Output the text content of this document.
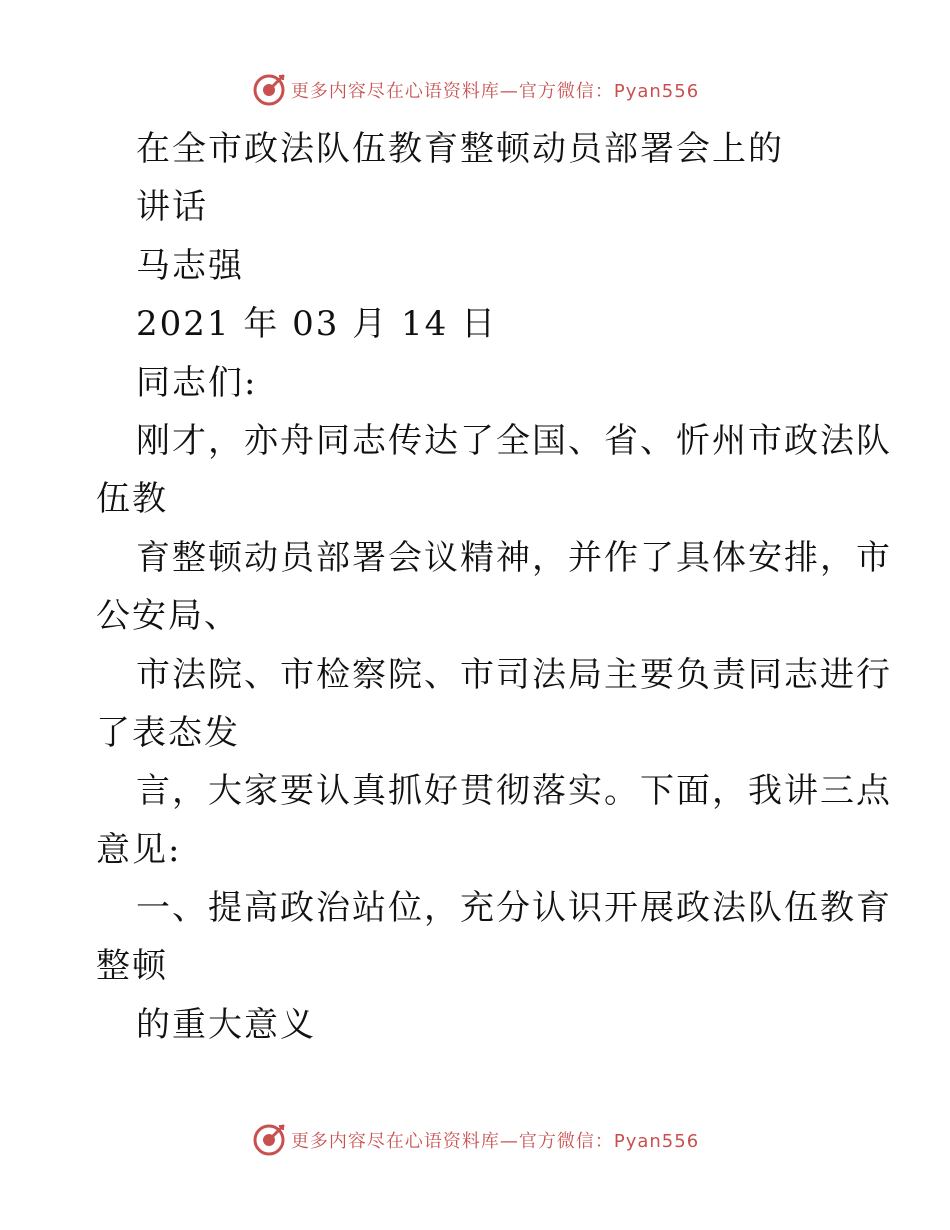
更多内容尽在心语资料库—官方微信：Pyan556
在全市政法队伍教育整顿动员部署会上的
讲话
马志强
2021 年 03 月 14 日
同志们:
刚才，亦舟同志传达了全国、省、忻州市政法队
伍教
育整顿动员部署会议精神，并作了具体安排，市
公安局、
市法院、市检察院、市司法局主要负责同志进行
了表态发
言，大家要认真抓好贯彻落实。下面，我讲三点
意见:
一、提高政治站位，充分认识开展政法队伍教育
整顿
的重大意义
更多内容尽在心语资料库—官方微信：Pyan556
